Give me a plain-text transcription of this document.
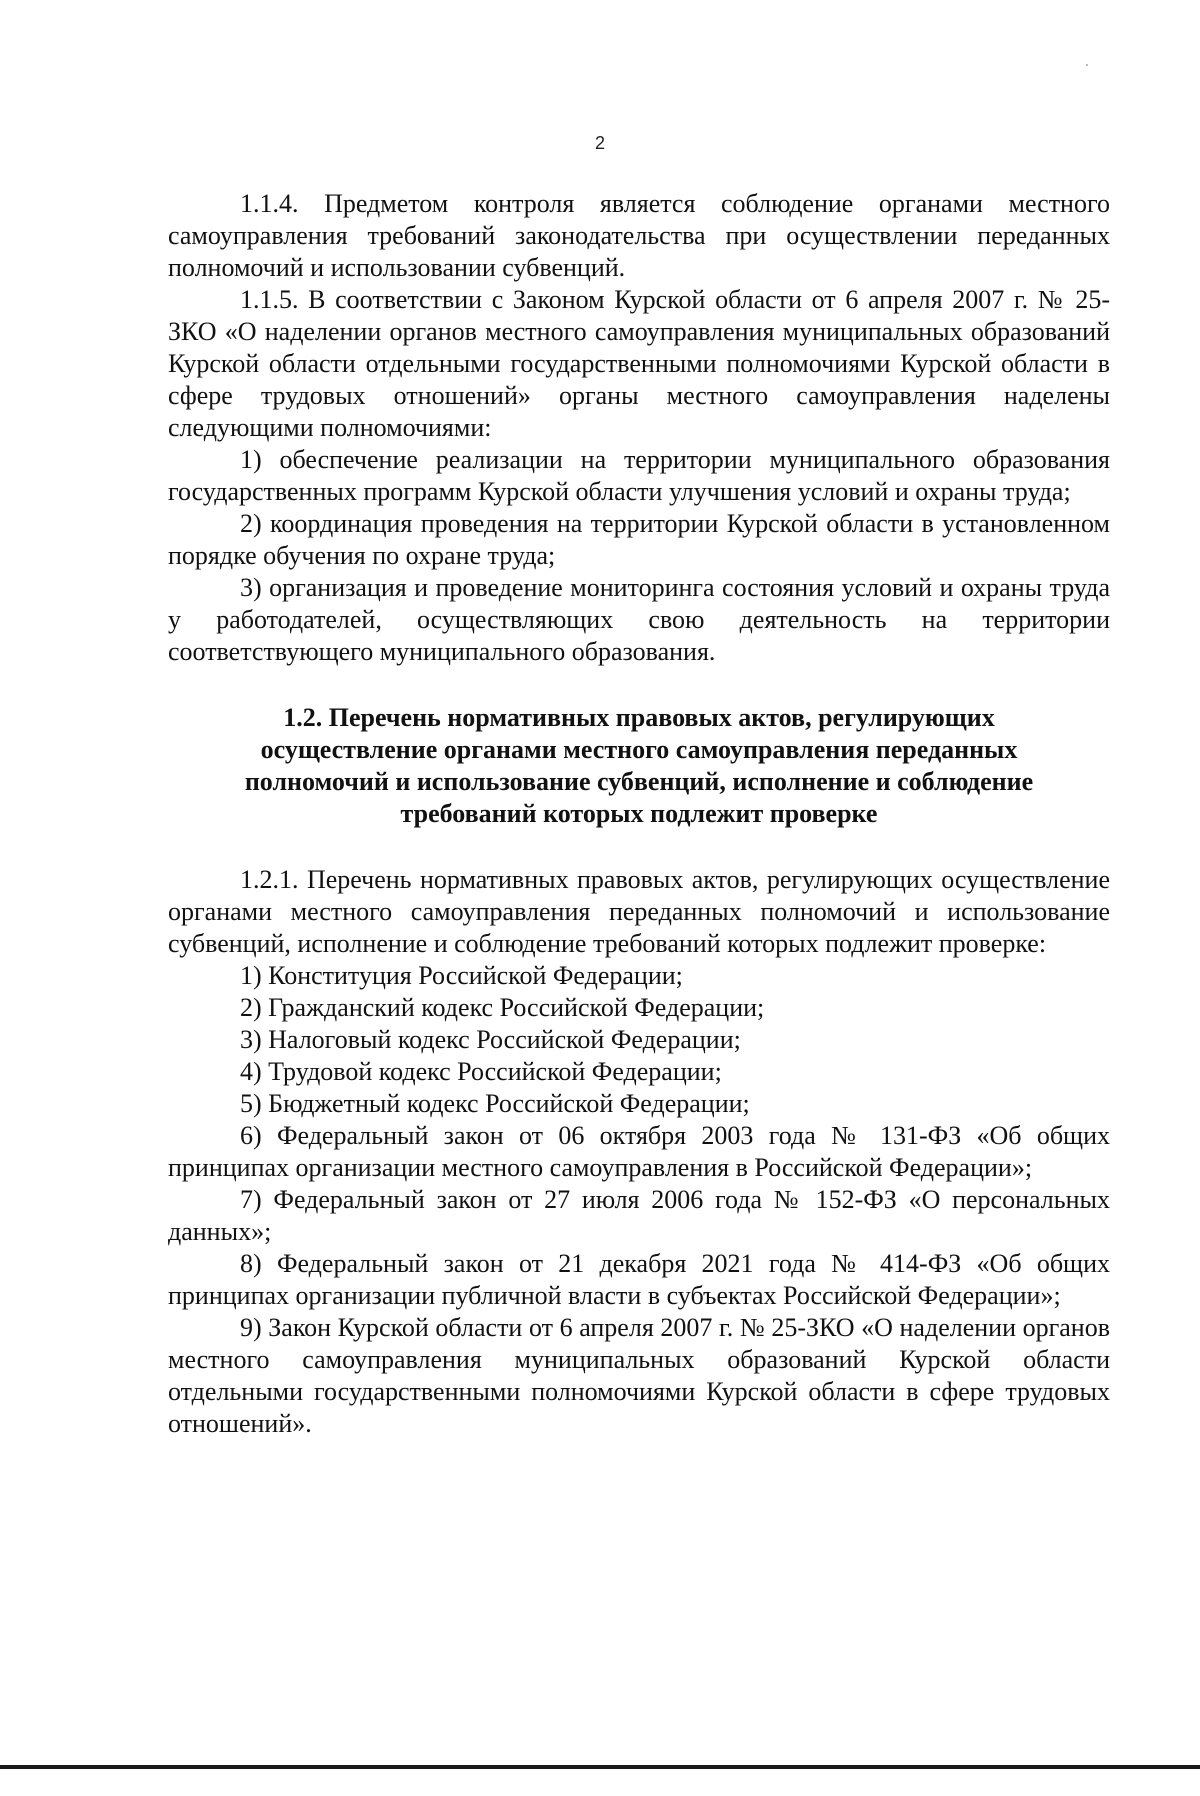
2

1.1.4. Предметом контроля является соблюдение органами местного самоуправления требований законодательства при осуществлении переданных полномочий и использовании субвенций.

1.1.5. В соответствии с Законом Курской области от 6 апреля 2007 г. № 25-ЗКО «О наделении органов местного самоуправления муниципальных образований Курской области отдельными государственными полномочиями Курской области в сфере трудовых отношений» органы местного самоуправления наделены следующими полномочиями:

1) обеспечение реализации на территории муниципального образования государственных программ Курской области улучшения условий и охраны труда;

2) координация проведения на территории Курской области в установленном порядке обучения по охране труда;

3) организация и проведение мониторинга состояния условий и охраны труда у работодателей, осуществляющих свою деятельность на территории соответствующего муниципального образования.

1.2. Перечень нормативных правовых актов, регулирующих
осуществление органами местного самоуправления переданных
полномочий и использование субвенций, исполнение и соблюдение
требований которых подлежит проверке

1.2.1. Перечень нормативных правовых актов, регулирующих осуществление органами местного самоуправления переданных полномочий и использование субвенций, исполнение и соблюдение требований которых подлежит проверке:

1) Конституция Российской Федерации;

2) Гражданский кодекс Российской Федерации;

3) Налоговый кодекс Российской Федерации;

4) Трудовой кодекс Российской Федерации;

5) Бюджетный кодекс Российской Федерации;

6) Федеральный закон от 06 октября 2003 года № 131-ФЗ «Об общих принципах организации местного самоуправления в Российской Федерации»;

7) Федеральный закон от 27 июля 2006 года № 152-ФЗ «О персональных данных»;

8) Федеральный закон от 21 декабря 2021 года № 414-ФЗ «Об общих принципах организации публичной власти в субъектах Российской Федерации»;

9) Закон Курской области от 6 апреля 2007 г. № 25-ЗКО «О наделении органов местного самоуправления муниципальных образований Курской области отдельными государственными полномочиями Курской области в сфере трудовых отношений».
